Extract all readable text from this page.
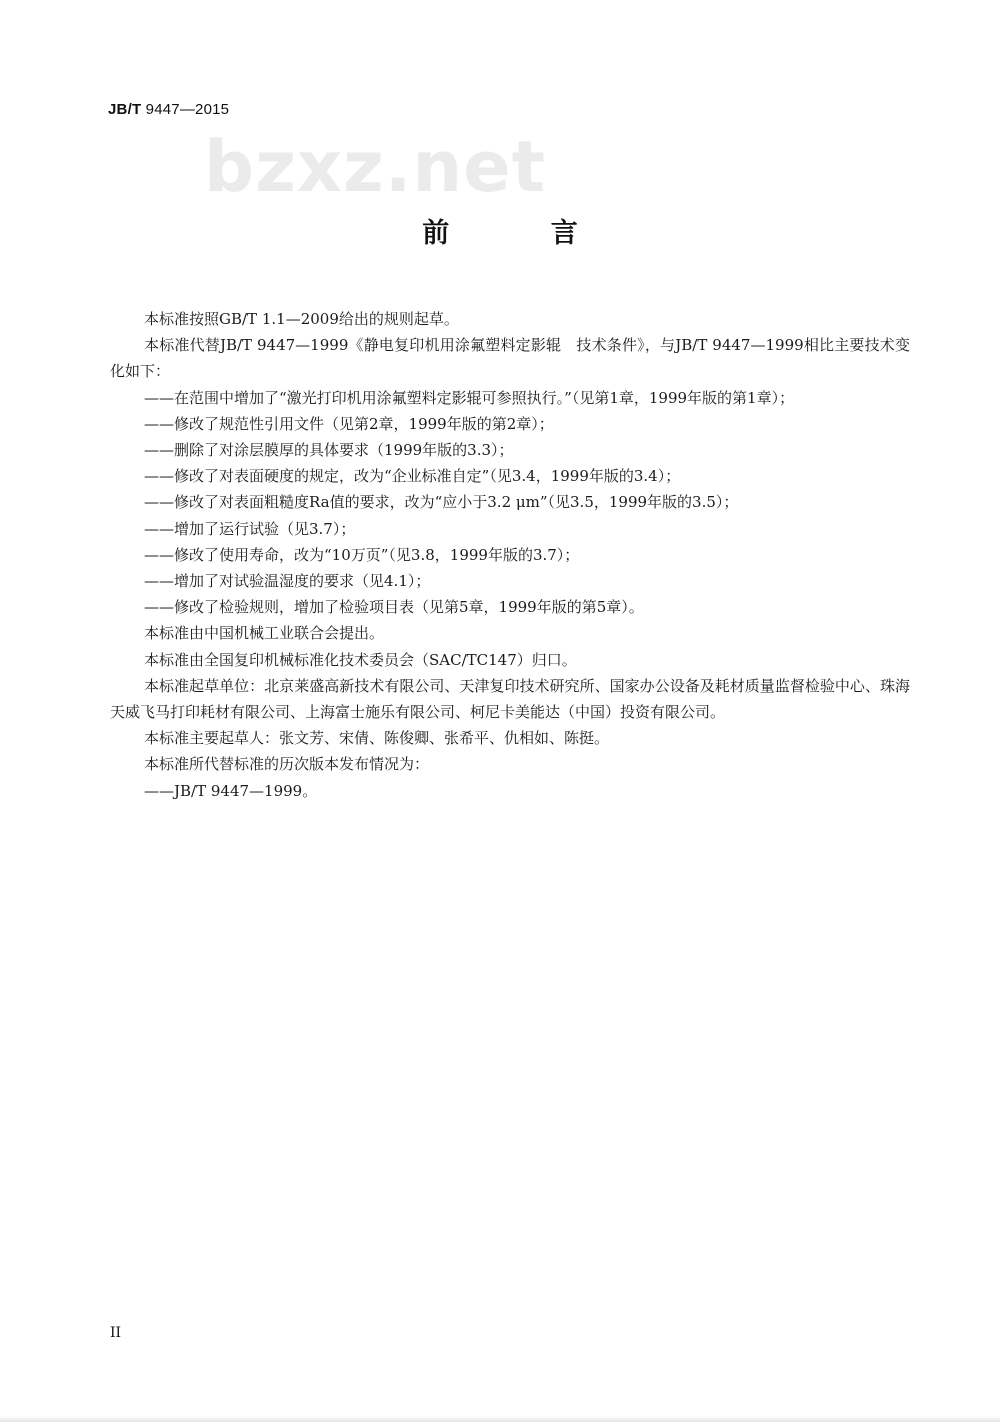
JB/T 9447—2015
bzxz.net
前 言

本标准按照GB/T 1.1—2009给出的规则起草。

本标准代替JB/T 9447—1999《静电复印机用涂氟塑料定影辊　技术条件》，与JB/T 9447—1999相比主要技术变化如下：

——在范围中增加了“激光打印机用涂氟塑料定影辊可参照执行。”（见第1章，1999年版的第1章）；

——修改了规范性引用文件（见第2章，1999年版的第2章）；

——删除了对涂层膜厚的具体要求（1999年版的3.3）；

——修改了对表面硬度的规定，改为“企业标准自定”（见3.4，1999年版的3.4）；

——修改了对表面粗糙度Ra值的要求，改为“应小于3.2 μm”（见3.5，1999年版的3.5）；

——增加了运行试验（见3.7）；

——修改了使用寿命，改为“10万页”（见3.8，1999年版的3.7）；

——增加了对试验温湿度的要求（见4.1）；

——修改了检验规则，增加了检验项目表（见第5章，1999年版的第5章）。

本标准由中国机械工业联合会提出。

本标准由全国复印机械标准化技术委员会（SAC/TC147）归口。

本标准起草单位：北京莱盛高新技术有限公司、天津复印技术研究所、国家办公设备及耗材质量监督检验中心、珠海天威飞马打印耗材有限公司、上海富士施乐有限公司、柯尼卡美能达（中国）投资有限公司。

本标准主要起草人：张文芳、宋倩、陈俊卿、张希平、仇相如、陈挺。

本标准所代替标准的历次版本发布情况为：

——JB/T 9447—1999。

II
